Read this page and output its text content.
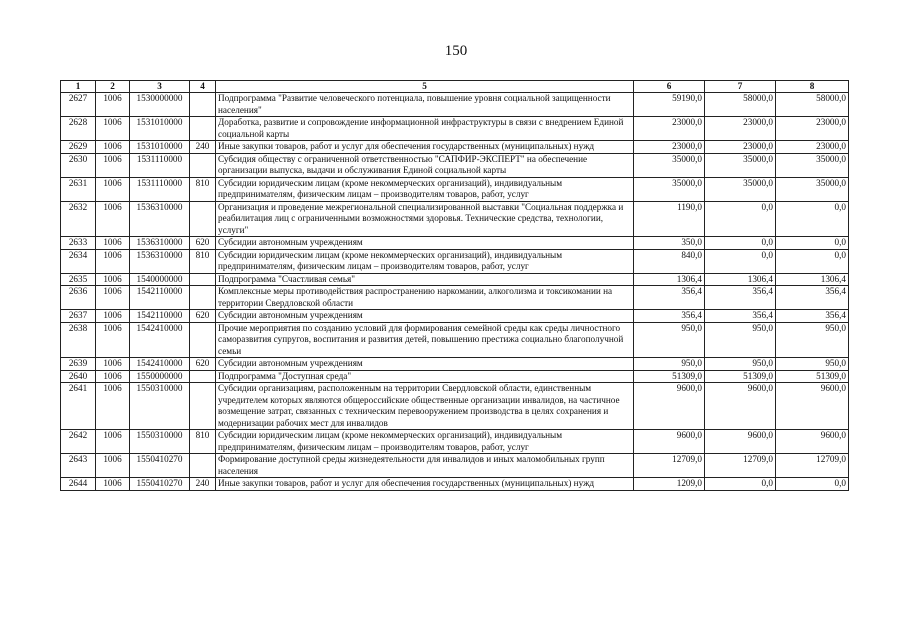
150
1	2	3	4	5	6	7	8
2627	1006	1530000000		Подпрограмма "Развитие человеческого потенциала, повышение уровня социальной защищенности населения"	59190,0	58000,0	58000,0
2628	1006	1531010000		Доработка, развитие и сопровождение информационной инфраструктуры в связи с внедрением Единой социальной карты	23000,0	23000,0	23000,0
2629	1006	1531010000	240	Иные закупки товаров, работ и услуг для обеспечения государственных (муниципальных) нужд	23000,0	23000,0	23000,0
2630	1006	1531110000		Субсидия обществу с ограниченной ответственностью "САПФИР-ЭКСПЕРТ" на обеспечение организации выпуска, выдачи и обслуживания Единой социальной карты	35000,0	35000,0	35000,0
2631	1006	1531110000	810	Субсидии юридическим лицам (кроме некоммерческих организаций), индивидуальным предпринимателям, физическим лицам – производителям товаров, работ, услуг	35000,0	35000,0	35000,0
2632	1006	1536310000		Организация и проведение межрегиональной специализированной выставки "Социальная поддержка и реабилитация лиц с ограниченными возможностями здоровья. Технические средства, технологии, услуги"	1190,0	0,0	0,0
2633	1006	1536310000	620	Субсидии автономным учреждениям	350,0	0,0	0,0
2634	1006	1536310000	810	Субсидии юридическим лицам (кроме некоммерческих организаций), индивидуальным предпринимателям, физическим лицам – производителям товаров, работ, услуг	840,0	0,0	0,0
2635	1006	1540000000		Подпрограмма "Счастливая семья"	1306,4	1306,4	1306,4
2636	1006	1542110000		Комплексные меры противодействия распространению наркомании, алкоголизма и токсикомании на территории Свердловской области	356,4	356,4	356,4
2637	1006	1542110000	620	Субсидии автономным учреждениям	356,4	356,4	356,4
2638	1006	1542410000		Прочие мероприятия по созданию условий для формирования семейной среды как среды личностного саморазвития супругов, воспитания и развития детей, повышению престижа социально благополучной семьи	950,0	950,0	950,0
2639	1006	1542410000	620	Субсидии автономным учреждениям	950,0	950,0	950,0
2640	1006	1550000000		Подпрограмма "Доступная среда"	51309,0	51309,0	51309,0
2641	1006	1550310000		Субсидии организациям, расположенным на территории Свердловской области, единственным учредителем которых являются общероссийские общественные организации инвалидов, на частичное возмещение затрат, связанных с техническим перевооружением производства в целях сохранения и модернизации рабочих мест для инвалидов	9600,0	9600,0	9600,0
2642	1006	1550310000	810	Субсидии юридическим лицам (кроме некоммерческих организаций), индивидуальным предпринимателям, физическим лицам – производителям товаров, работ, услуг	9600,0	9600,0	9600,0
2643	1006	1550410270		Формирование доступной среды жизнедеятельности для инвалидов и иных маломобильных групп населения	12709,0	12709,0	12709,0
2644	1006	1550410270	240	Иные закупки товаров, работ и услуг для обеспечения государственных (муниципальных) нужд	1209,0	0,0	0,0
